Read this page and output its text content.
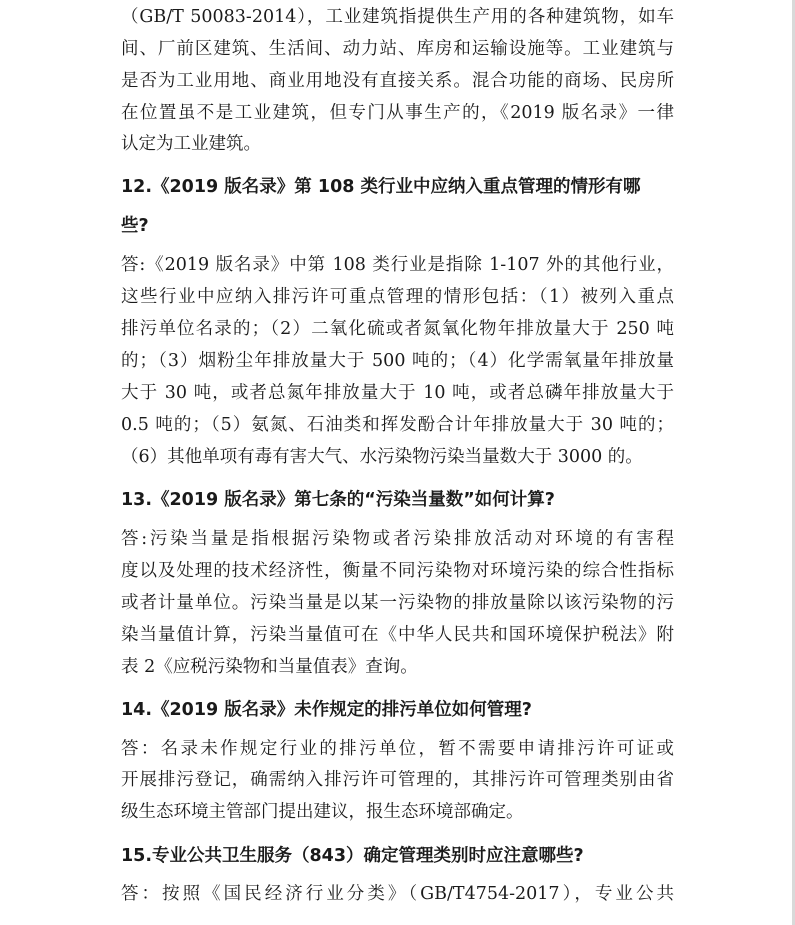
（GB/T 50083-2014），工业建筑指提供生产用的各种建筑物，如车
间、厂前区建筑、生活间、动力站、库房和运输设施等。工业建筑与
是否为工业用地、商业用地没有直接关系。混合功能的商场、民房所
在位置虽不是工业建筑，但专门从事生产的，《2019 版名录》一律
认定为工业建筑。
12.《2019 版名录》第 108 类行业中应纳入重点管理的情形有哪
些?
答:《2019 版名录》中第 108 类行业是指除 1-107 外的其他行业，
这些行业中应纳入排污许可重点管理的情形包括：（1）被列入重点
排污单位名录的；（2）二氧化硫或者氮氧化物年排放量大于 250 吨
的；（3）烟粉尘年排放量大于 500 吨的；（4）化学需氧量年排放量
大于 30 吨，或者总氮年排放量大于 10 吨，或者总磷年排放量大于
0.5 吨的；（5）氨氮、石油类和挥发酚合计年排放量大于 30 吨的；
（6）其他单项有毒有害大气、水污染物污染当量数大于 3000 的。
13.《2019 版名录》第七条的“污染当量数”如何计算?
答:污染当量是指根据污染物或者污染排放活动对环境的有害程
度以及处理的技术经济性，衡量不同污染物对环境污染的综合性指标
或者计量单位。污染当量是以某一污染物的排放量除以该污染物的污
染当量值计算，污染当量值可在《中华人民共和国环境保护税法》附
表 2《应税污染物和当量值表》查询。
14.《2019 版名录》未作规定的排污单位如何管理?
答：名录未作规定行业的排污单位，暂不需要申请排污许可证或
开展排污登记，确需纳入排污许可管理的，其排污许可管理类别由省
级生态环境主管部门提出建议，报生态环境部确定。
15.专业公共卫生服务（843）确定管理类别时应注意哪些?
答：按照《国民经济行业分类》（GB/T4754-2017），专业公共
